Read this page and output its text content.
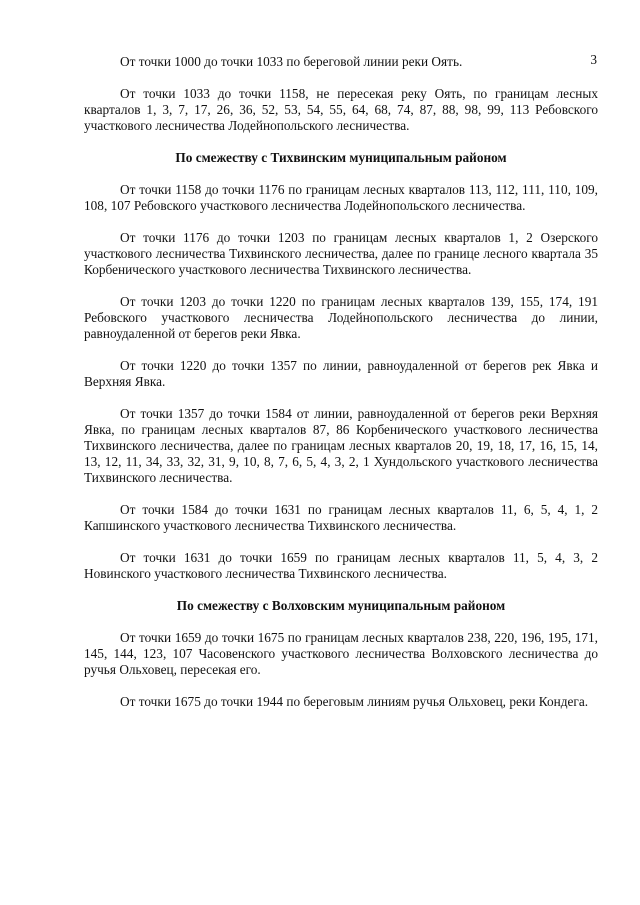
3

От точки 1000 до точки 1033 по береговой линии реки Оять.

От точки 1033 до точки 1158, не пересекая реку Оять, по границам лесных кварталов 1, 3, 7, 17, 26, 36, 52, 53, 54, 55, 64, 68, 74, 87, 88, 98, 99, 113 Ребовского участкового лесничества Лодейнопольского лесничества.

По смежеству с Тихвинским муниципальным районом

От точки 1158 до точки 1176 по границам лесных кварталов 113, 112, 111, 110, 109, 108, 107 Ребовского участкового лесничества Лодейнопольского лесничества.

От точки 1176 до точки 1203 по границам лесных кварталов 1, 2 Озерского участкового лесничества Тихвинского лесничества, далее по границе лесного квартала 35 Корбенического участкового лесничества Тихвинского лесничества.

От точки 1203 до точки 1220 по границам лесных кварталов 139, 155, 174, 191 Ребовского участкового лесничества Лодейнопольского лесничества до линии, равноудаленной от берегов реки Явка.

От точки 1220 до точки 1357 по линии, равноудаленной от берегов рек Явка и Верхняя Явка.

От точки 1357 до точки 1584 от линии, равноудаленной от берегов реки Верхняя Явка, по границам лесных кварталов 87, 86 Корбенического участкового лесничества Тихвинского лесничества, далее по границам лесных кварталов 20, 19, 18, 17, 16, 15, 14, 13, 12, 11, 34, 33, 32, 31, 9, 10, 8, 7, 6, 5, 4, 3, 2, 1 Хундольского участкового лесничества Тихвинского лесничества.

От точки 1584 до точки 1631 по границам лесных кварталов 11, 6, 5, 4, 1, 2 Капшинского участкового лесничества Тихвинского лесничества.

От точки 1631 до точки 1659 по границам лесных кварталов 11, 5, 4, 3, 2 Новинского участкового лесничества Тихвинского лесничества.

По смежеству с Волховским муниципальным районом

От точки 1659 до точки 1675 по границам лесных кварталов 238, 220, 196, 195, 171, 145, 144, 123, 107 Часовенского участкового лесничества Волховского лесничества до ручья Ольховец, пересекая его.

От точки 1675 до точки 1944 по береговым линиям ручья Ольховец, реки Кондега.
